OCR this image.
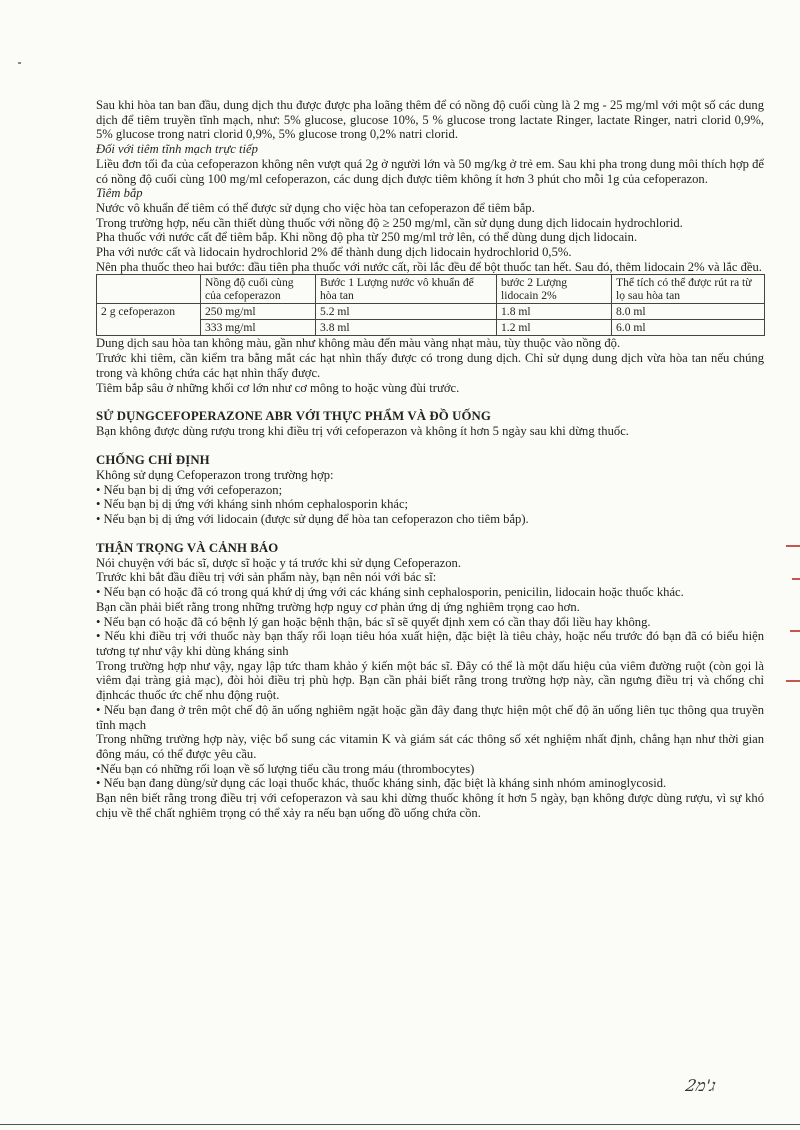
Sau khi hòa tan ban đầu, dung dịch thu được được pha loãng thêm để có nồng độ cuối cùng là 2 mg - 25 mg/ml với một số các dung dịch để tiêm truyền tĩnh mạch, như: 5% glucose, glucose 10%, 5 % glucose trong lactate Ringer, lactate Ringer, natri clorid 0,9%, 5% glucose trong natri clorid 0,9%, 5% glucose trong 0,2% natri clorid.

Đối với tiêm tĩnh mạch trực tiếp

Liều đơn tối đa của cefoperazon không nên vượt quá 2g ở người lớn và 50 mg/kg ở trẻ em. Sau khi pha trong dung môi thích hợp để có nồng độ cuối cùng 100 mg/ml cefoperazon, các dung dịch được tiêm không ít hơn 3 phút cho mỗi 1g của cefoperazon.

Tiêm bắp

Nước vô khuẩn để tiêm có thể được sử dụng cho việc hòa tan cefoperazon để tiêm bắp.

Trong trường hợp, nếu cần thiết dùng thuốc với nồng độ ≥ 250 mg/ml, cần sử dụng dung dịch lidocain hydrochlorid.

Pha thuốc với nước cất để tiêm bắp. Khi nồng độ pha từ 250 mg/ml trở lên, có thể dùng dung dịch lidocain.

Pha với nước cất và lidocain hydrochlorid 2% để thành dung dịch lidocain hydrochlorid 0,5%.

Nên pha thuốc theo hai bước: đầu tiên pha thuốc với nước cất, rồi lắc đều để bột thuốc tan hết. Sau đó, thêm lidocain 2% và lắc đều.

	Nồng độ cuối cùng của cefoperazon	Bước 1 Lượng nước vô khuẩn để hòa tan	bước 2 Lượng lidocain 2%	Thể tích có thể được rút ra từ lọ sau hòa tan
2 g cefoperazon	250 mg/ml	5.2 ml	1.8 ml	8.0 ml
	333 mg/ml	3.8 ml	1.2 ml	6.0 ml

Dung dịch sau hòa tan không màu, gần như không màu đến màu vàng nhạt màu, tùy thuộc vào nồng độ.

Trước khi tiêm, cần kiểm tra bằng mắt các hạt nhìn thấy được có trong dung dịch. Chỉ sử dụng dung dịch vừa hòa tan nếu chúng trong và không chứa các hạt nhìn thấy được.

Tiêm bắp sâu ở những khối cơ lớn như cơ mông to hoặc vùng đùi trước.

SỬ DỤNGCEFOPERAZONE ABR VỚI THỰC PHẨM VÀ ĐỒ UỐNG

Bạn không được dùng rượu trong khi điều trị với cefoperazon và không ít hơn 5 ngày sau khi dừng thuốc.

CHỐNG CHỈ ĐỊNH

Không sử dụng Cefoperazon trong trường hợp:

• Nếu bạn bị dị ứng với cefoperazon;

• Nếu bạn bị dị ứng với kháng sinh nhóm cephalosporin khác;

• Nếu bạn bị dị ứng với lidocain (được sử dụng để hòa tan cefoperazon cho tiêm bắp).

THẬN TRỌNG VÀ CẢNH BÁO

Nói chuyện với bác sĩ, dược sĩ hoặc y tá trước khi sử dụng Cefoperazon.

Trước khi bắt đầu điều trị với sản phẩm này, bạn nên nói với bác sĩ:

• Nếu bạn có hoặc đã có trong quá khứ dị ứng với các kháng sinh cephalosporin, penicilin, lidocain hoặc thuốc khác.

Bạn cần phải biết rằng trong những trường hợp nguy cơ phản ứng dị ứng nghiêm trọng cao hơn.

• Nếu bạn có hoặc đã có bệnh lý gan hoặc bệnh thận, bác sĩ sẽ quyết định xem có cần thay đổi liều hay không.

• Nếu khi điều trị với thuốc này bạn thấy rối loạn tiêu hóa xuất hiện, đặc biệt là tiêu chảy, hoặc nếu trước đó bạn đã có biểu hiện tương tự như vậy khi dùng kháng sinh

Trong trường hợp như vậy, ngay lập tức tham khảo ý kiến một bác sĩ. Đây có thể là một dấu hiệu của viêm đường ruột (còn gọi là viêm đại tràng giả mạc), đòi hỏi điều trị phù hợp. Bạn cần phải biết rằng trong trường hợp này, cần ngưng điều trị và chống chỉ địnhcác thuốc ức chế nhu động ruột.

• Nếu bạn đang ở trên một chế độ ăn uống nghiêm ngặt hoặc gần đây đang thực hiện một chế độ ăn uống liên tục thông qua truyền tĩnh mạch

Trong những trường hợp này, việc bổ sung các vitamin K và giám sát các thông số xét nghiệm nhất định, chẳng hạn như thời gian đông máu, có thể được yêu cầu.

•Nếu bạn có những rối loạn về số lượng tiểu cầu trong máu (thrombocytes)

• Nếu bạn đang dùng/sử dụng các loại thuốc khác, thuốc kháng sinh, đặc biệt là kháng sinh nhóm aminoglycosid.

Bạn nên biết rằng trong điều trị với cefoperazon và sau khi dừng thuốc không ít hơn 5 ngày, bạn không được dùng rượu, vì sự khó chịu về thể chất nghiêm trọng có thể xảy ra nếu bạn uống đồ uống chứa cồn.

ג'מ2
